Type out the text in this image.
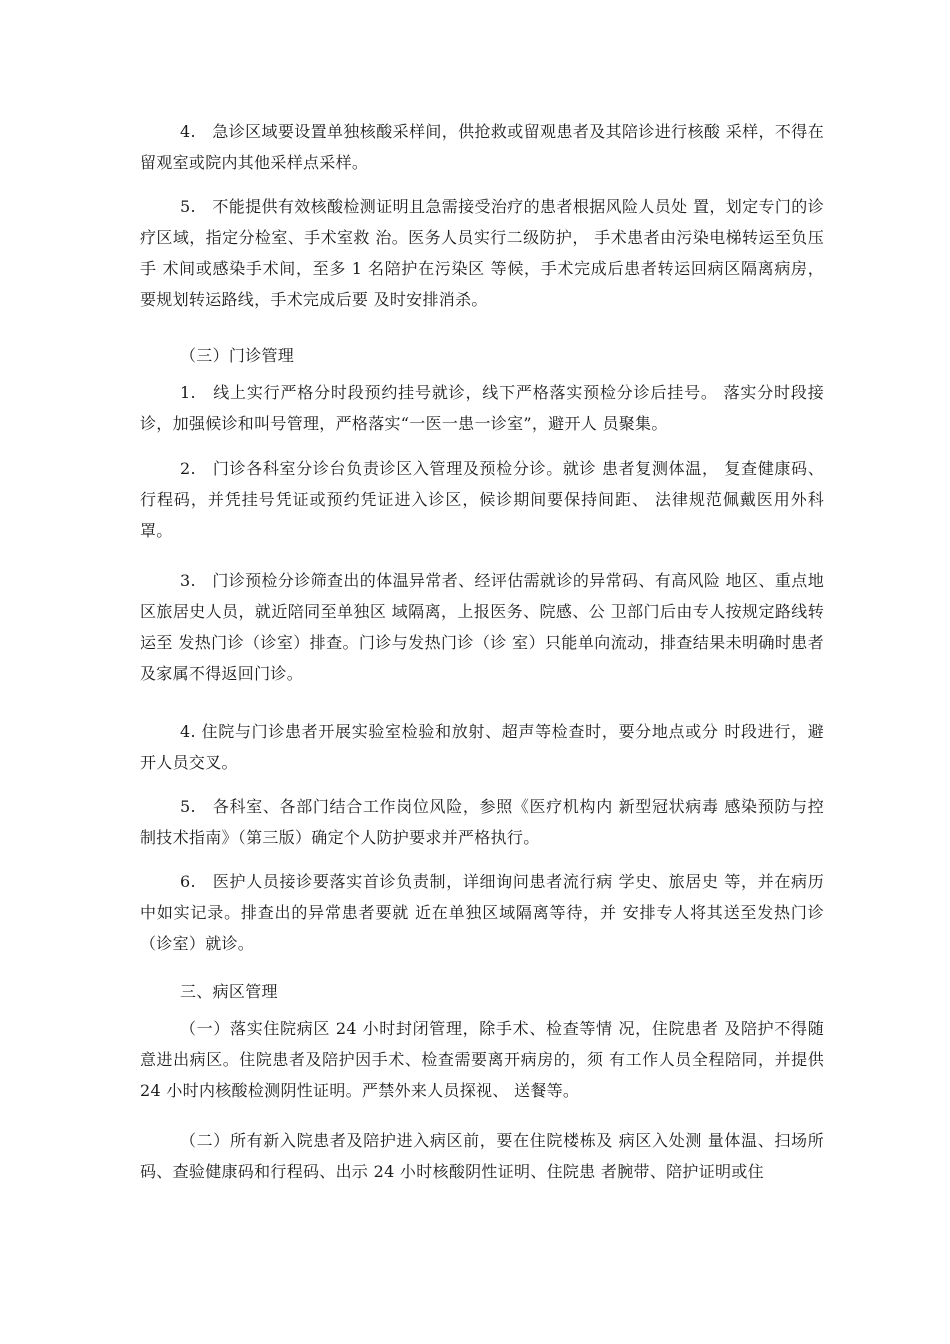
4.　急诊区域要设置单独核酸采样间，供抢救或留观患者及其陪诊进行核酸 采样，不得在留观室或院内其他采样点采样。

5.　不能提供有效核酸检测证明且急需接受治疗的患者根据风险人员处 置，划定专门的诊疗区域，指定分检室、手术室救 治。医务人员实行二级防护， 手术患者由污染电梯转运至负压手 术间或感染手术间，至多 1 名陪护在污染区 等候，手术完成后患者转运回病区隔离病房，要规划转运路线，手术完成后要 及时安排消杀。

（三）门诊管理

1.　线上实行严格分时段预约挂号就诊，线下严格落实预检分诊后挂号。 落实分时段接诊，加强候诊和叫号管理，严格落实“一医一患一诊室”，避开人 员聚集。

2.　门诊各科室分诊台负责诊区入管理及预检分诊。就诊 患者复测体温， 复查健康码、行程码，并凭挂号凭证或预约凭证进入诊区，候诊期间要保持间距、 法律规范佩戴医用外科罩。

3.　门诊预检分诊筛查出的体温异常者、经评估需就诊的异常码、有高风险 地区、重点地区旅居史人员，就近陪同至单独区 域隔离，上报医务、院感、公 卫部门后由专人按规定路线转运至 发热门诊（诊室）排查。门诊与发热门诊（诊 室）只能单向流动，排查结果未明确时患者及家属不得返回门诊。

4. 住院与门诊患者开展实验室检验和放射、超声等检查时，要分地点或分 时段进行，避开人员交叉。

5.　各科室、各部门结合工作岗位风险，参照《医疗机构内 新型冠状病毒 感染预防与控制技术指南》（第三版）确定个人防护要求并严格执行。

6.　医护人员接诊要落实首诊负责制，详细询问患者流行病 学史、旅居史 等，并在病历中如实记录。排查出的异常患者要就 近在单独区域隔离等待，并 安排专人将其送至发热门诊（诊室）就诊。

三、病区管理

（一）落实住院病区 24 小时封闭管理，除手术、检查等情 况，住院患者 及陪护不得随意进出病区。住院患者及陪护因手术、检查需要离开病房的，须 有工作人员全程陪同，并提供 24 小时内核酸检测阴性证明。严禁外来人员探视、 送餐等。

（二）所有新入院患者及陪护进入病区前，要在住院楼栋及 病区入处测 量体温、扫场所码、查验健康码和行程码、出示 24 小时核酸阴性证明、住院患 者腕带、陪护证明或住
